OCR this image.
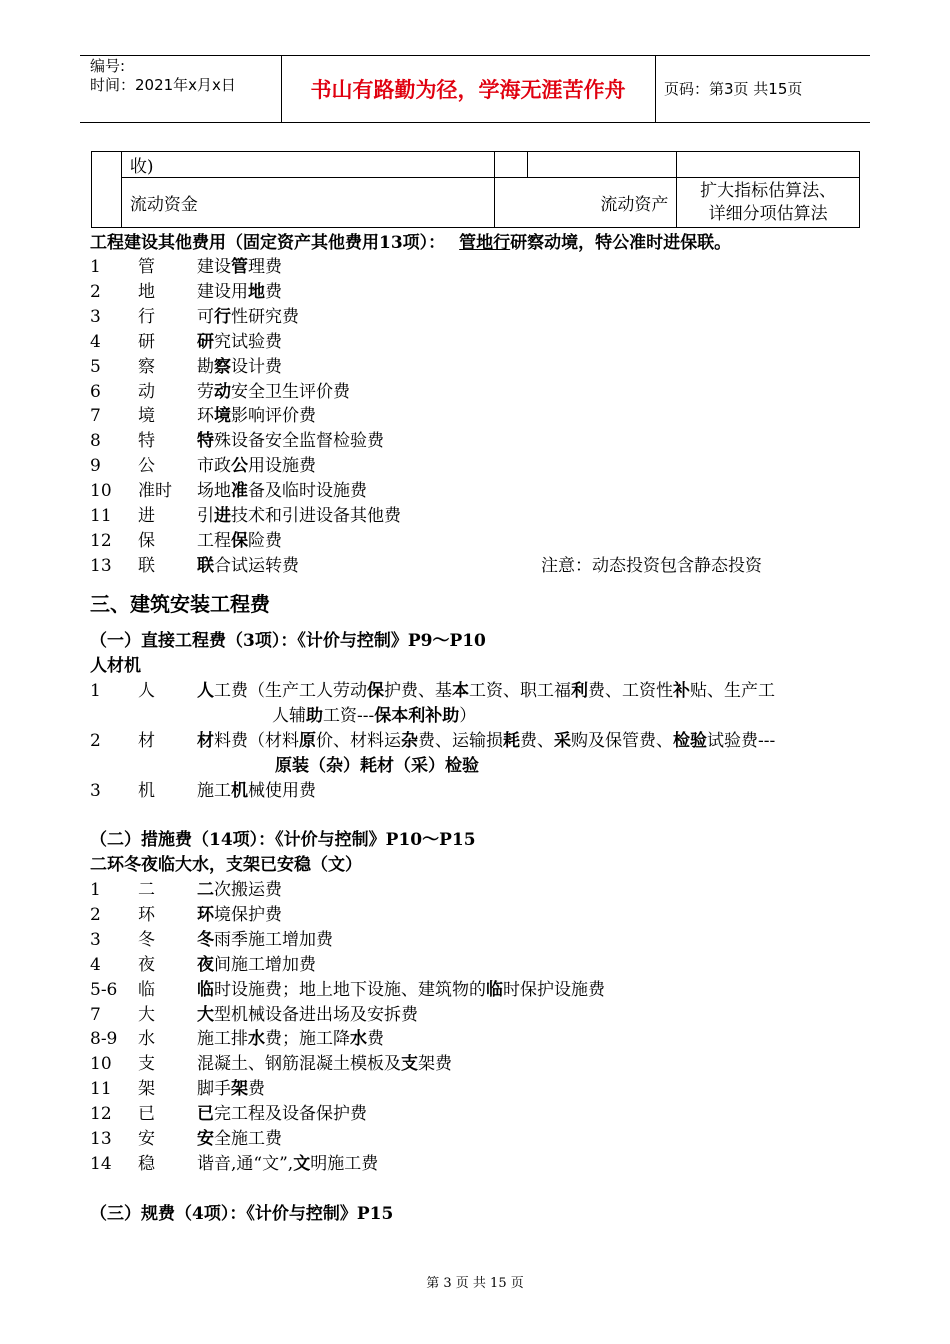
编号:
时间：2021年x月x日	书山有路勤为径，学海无涯苦作舟	页码：第3页 共15页
	收)			
	流动资金	流动资产		扩大指标估算法、
详细分项估算法
工程建设其他费用（固定资产其他费用13项）： 管地行研察动境，特公准时进保联。
1 管 建设管理费
2 地 建设用地费
3 行 可行性研究费
4 研 研究试验费
5 察 勘察设计费
6 动 劳动安全卫生评价费
7 境 环境影响评价费
8 特 特殊设备安全监督检验费
9 公 市政公用设施费
10 准时 场地准备及临时设施费
11 进 引进技术和引进设备其他费
12 保 工程保险费
13 联 联合试运转费	注意：动态投资包含静态投资
三、建筑安装工程费
（一）直接工程费（3项）：《计价与控制》P9～P10
人材机
1 人 人工费（生产工人劳动保护费、基本工资、职工福利费、工资性补贴、生产工
人辅助工资---保本利补助）
2 材 材料费（材料原价、材料运杂费、运输损耗费、采购及保管费、检验试验费---
原装（杂）耗材（采）检验
3 机 施工机械使用费
（二）措施费（14项）：《计价与控制》P10～P15
二环冬夜临大水，支架已安稳（文）
1 二 二次搬运费
2 环 环境保护费
3 冬 冬雨季施工增加费
4 夜 夜间施工增加费
5-6 临 临时设施费；地上地下设施、建筑物的临时保护设施费
7 大 大型机械设备进出场及安拆费
8-9 水 施工排水费；施工降水费
10 支 混凝土、钢筋混凝土模板及支架费
11 架 脚手架费
12 已 已完工程及设备保护费
13 安 安全施工费
14 稳 谐音,通“文”,文明施工费
（三）规费（4项）：《计价与控制》P15
第 3 页 共 15 页
